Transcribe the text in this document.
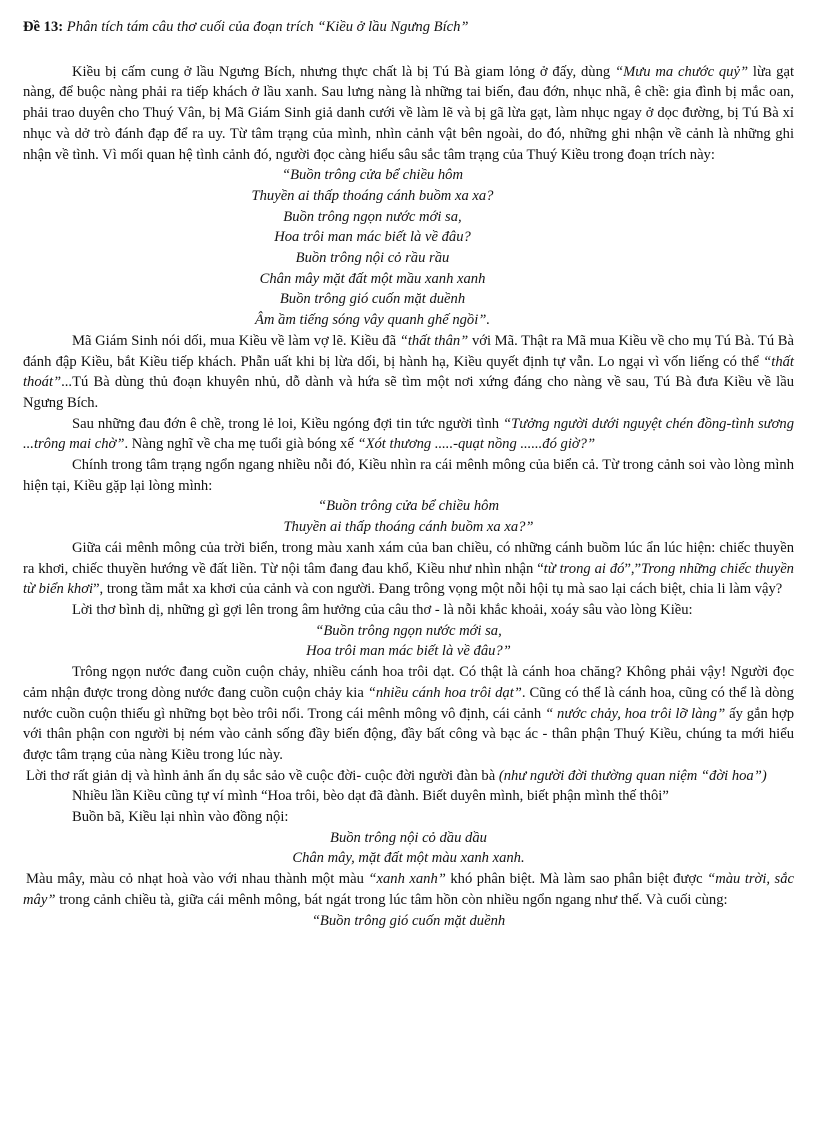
Đề 13: Phân tích tám câu thơ cuối của đoạn trích “Kiều ở lầu Ngưng Bích”

Kiều bị cấm cung ở lầu Ngưng Bích, nhưng thực chất là bị Tú Bà giam lỏng ở đấy, dùng “Mưu ma chước quỷ” lừa gạt nàng, để buộc nàng phải ra tiếp khách ở lầu xanh. Sau lưng nàng là những tai biến, đau đớn, nhục nhã, ê chề: gia đình bị mắc oan, phải trao duyên cho Thuý Vân, bị Mã Giám Sinh giả danh cưới về làm lẽ và bị gã lừa gạt, làm nhục ngay ở dọc đường, bị Tú Bà xỉ nhục và dở trò đánh đạp để ra uy. Từ tâm trạng của mình, nhìn cảnh vật bên ngoài, do đó, những ghi nhận về cảnh là những ghi nhận về tình. Vì mối quan hệ tình cảnh đó, người đọc càng hiểu sâu sắc tâm trạng của Thuý Kiều trong đoạn trích này:

“Buồn trông cửa bể chiều hôm
Thuyền ai thấp thoáng cánh buồm xa xa?
Buồn trông ngọn nước mới sa,
Hoa trôi man mác biết là về đâu?
Buồn trông nội cỏ rầu rầu
Chân mây mặt đất một mầu xanh xanh
Buồn trông gió cuốn mặt duềnh
Âm ầm tiếng sóng vây quanh ghế ngồi”.

Mã Giám Sinh nói dối, mua Kiều về làm vợ lẽ. Kiều đã “thất thân” với Mã. Thật ra Mã mua Kiều về cho mụ Tú Bà. Tú Bà đánh đập Kiều, bắt Kiều tiếp khách. Phẫn uất khi bị lừa dối, bị hành hạ, Kiều quyết định tự vẫn. Lo ngại vì vốn liếng có thể “thất thoát”...Tú Bà dùng thủ đoạn khuyên nhủ, dỗ dành và hứa sẽ tìm một nơi xứng đáng cho nàng về sau, Tú Bà đưa Kiều về lầu Ngưng Bích.

Sau những đau đớn ê chề, trong lẻ loi, Kiều ngóng đợi tin tức người tình “Tưởng người dưới nguyệt chén đồng-tình sương ...trông mai chờ”. Nàng nghĩ về cha mẹ tuổi già bóng xế “Xót thương .....-quạt nồng ......đó giờ?”

Chính trong tâm trạng ngổn ngang nhiều nỗi đó, Kiều nhìn ra cái mênh mông của biển cả. Từ trong cảnh soi vào lòng mình hiện tại, Kiều gặp lại lòng mình:

“Buồn trông cửa bể chiều hôm
Thuyền ai thấp thoáng cánh buồm xa xa?”

Giữa cái mênh mông của trời biển, trong màu xanh xám của ban chiều, có những cánh buồm lúc ẩn lúc hiện: chiếc thuyền ra khơi, chiếc thuyền hướng về đất liền. Từ nội tâm đang đau khổ, Kiều như nhìn nhận “từ trong ai đó”,”Trong những chiếc thuyền từ biển khơi”, trong tầm mắt xa khơi của cảnh và con người. Đang trông vọng một nỗi hội tụ mà sao lại cách biệt, chia li làm vậy?

Lời thơ bình dị, những gì gợi lên trong âm hưởng của câu thơ - là nỗi khắc khoải, xoáy sâu vào lòng Kiều:

“Buồn trông ngọn nước mới sa,
Hoa trôi man mác biết là về đâu?”

Trông ngọn nước đang cuồn cuộn chảy, nhiều cánh hoa trôi dạt. Có thật là cánh hoa chăng? Không phải vậy! Người đọc cảm nhận được trong dòng nước đang cuồn cuộn chảy kia “nhiều cánh hoa trôi dạt”. Cũng có thể là cánh hoa, cũng có thể là dòng nước cuồn cuộn thiếu gì những bọt bèo trôi nổi. Trong cái mênh mông vô định, cái cảnh “ nước chảy, hoa trôi lỡ làng” ấy gắn hợp với thân phận con người bị ném vào cảnh sống đầy biến động, đầy bất công và bạc ác - thân phận Thuý Kiều, chúng ta mới hiểu được tâm trạng của nàng Kiều trong lúc này.

Lời thơ rất giản dị và hình ảnh ẩn dụ sắc sảo về cuộc đời- cuộc đời người đàn bà (như người đời thường quan niệm “đời hoa”)

Nhiều lần Kiều cũng tự ví mình “Hoa trôi, bèo dạt đã đành. Biết duyên mình, biết phận mình thế thôi”

Buồn bã, Kiều lại nhìn vào đồng nội:

Buồn trông nội cỏ dầu dầu
Chân mây, mặt đất một màu xanh xanh.

Màu mây, màu cỏ nhạt hoà vào với nhau thành một màu “xanh xanh” khó phân biệt. Mà làm sao phân biệt được “màu trời, sắc mây” trong cảnh chiều tà, giữa cái mênh mông, bát ngát trong lúc tâm hồn còn nhiều ngổn ngang như thế. Và cuối cùng:

“Buồn trông gió cuốn mặt duềnh
